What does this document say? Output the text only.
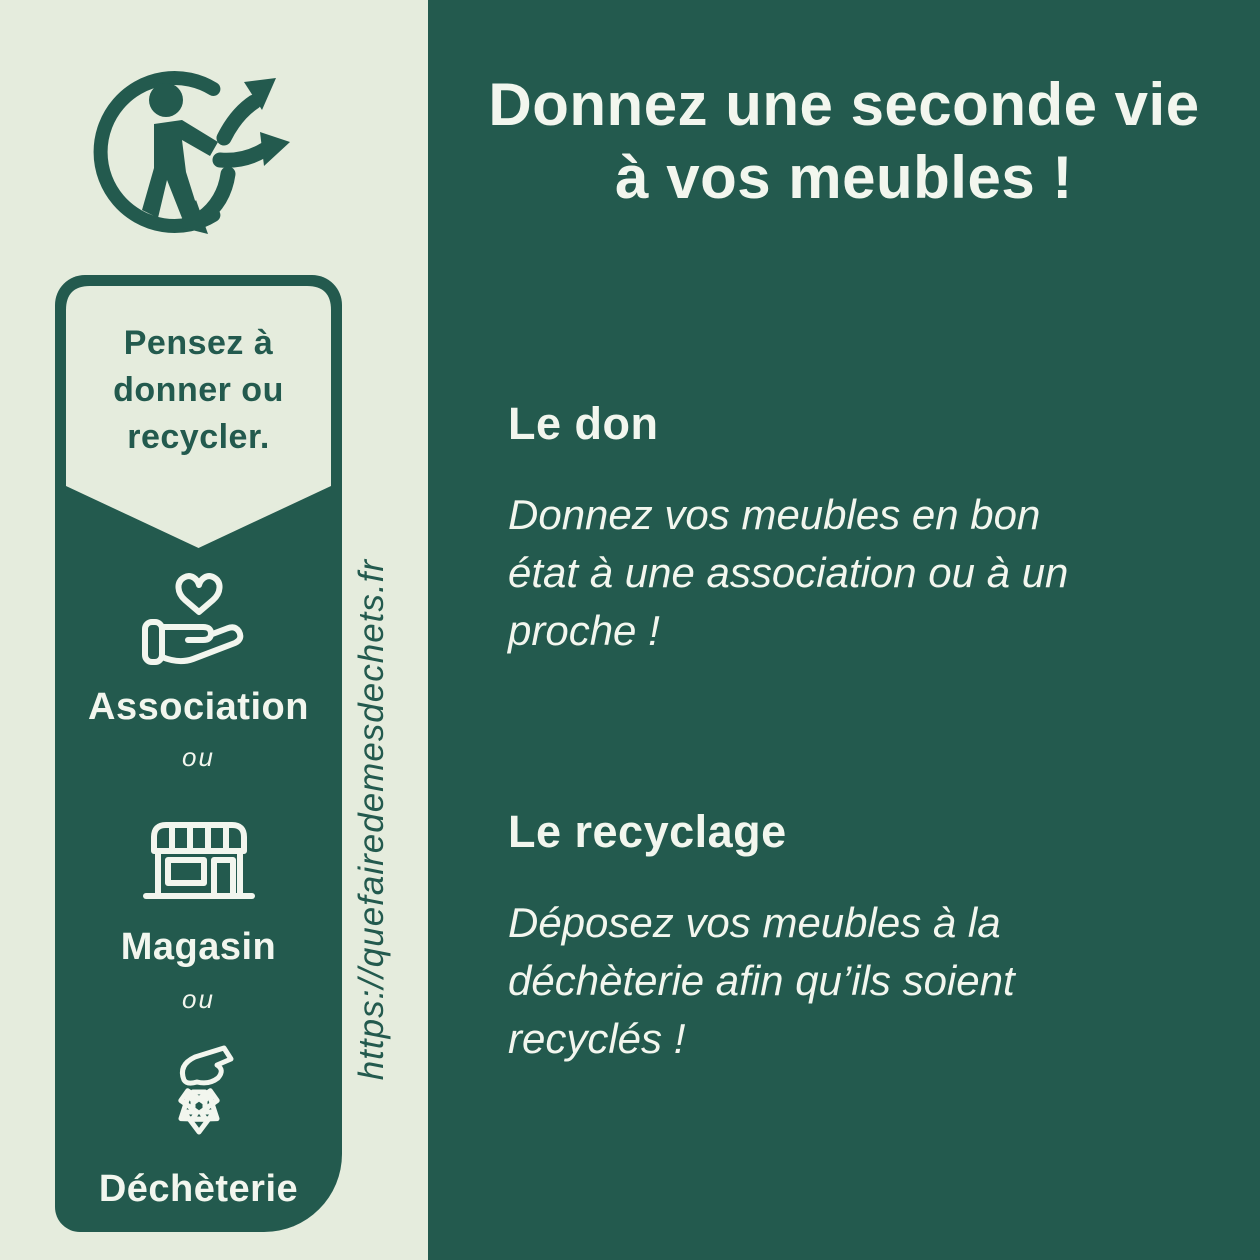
Pensez à
donner ou
recycler.
Association
ou
Magasin
ou
Déchèterie
https://quefairedemesdechets.fr
Donnez une seconde vie
à vos meubles !
Le don

Donnez vos meubles en bon état à une association ou à un proche !

Le recyclage

Déposez vos meubles à la déchèterie afin qu’ils soient recyclés !
